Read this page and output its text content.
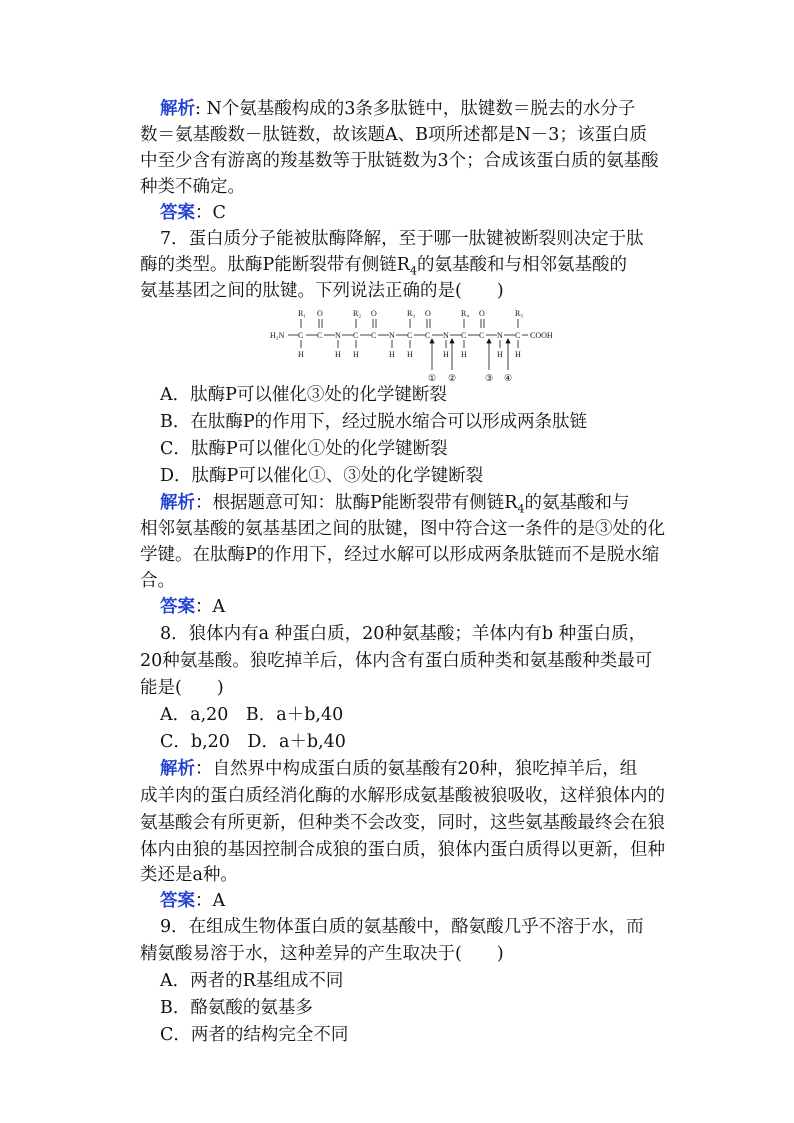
解析: N个氨基酸构成的3条多肽链中，肽键数＝脱去的水分子
数＝氨基酸数－肽链数，故该题A、B项所述都是N－3；该蛋白质
中至少含有游离的羧基数等于肽链数为3个；合成该蛋白质的氨基酸
种类不确定。
答案：C
7．蛋白质分子能被肽酶降解，至于哪一肽键被断裂则决定于肽
酶的类型。肽酶P能断裂带有侧链$R_4$的氨基酸和与相邻氨基酸的
氨基基团之间的肽键。下列说法正确的是(　　)
H₂N	COOH
C C N C C N C C N C C N C
R₁	R₂	R₃	R₄	R₅
O	O	O	O
H	H H	H H	H H	H H
① ②	③ ④
A．肽酶P可以催化③处的化学键断裂
B．在肽酶P的作用下，经过脱水缩合可以形成两条肽链
C．肽酶P可以催化①处的化学键断裂
D．肽酶P可以催化①、③处的化学键断裂
解析：根据题意可知：肽酶P能断裂带有侧链$R_4$的氨基酸和与
相邻氨基酸的氨基基团之间的肽键，图中符合这一条件的是③处的化
学键。在肽酶P的作用下，经过水解可以形成两条肽链而不是脱水缩
合。
答案：A
8．狼体内有a 种蛋白质，20种氨基酸；羊体内有b 种蛋白质，
20种氨基酸。狼吃掉羊后，体内含有蛋白质种类和氨基酸种类最可
能是(　　)
A．a,20　B．a＋b,40
C．b,20　D．a＋b,40
解析：自然界中构成蛋白质的氨基酸有20种，狼吃掉羊后，组
成羊肉的蛋白质经消化酶的水解形成氨基酸被狼吸收，这样狼体内的
氨基酸会有所更新，但种类不会改变，同时，这些氨基酸最终会在狼
体内由狼的基因控制合成狼的蛋白质，狼体内蛋白质得以更新，但种
类还是a种。
答案：A
9．在组成生物体蛋白质的氨基酸中，酪氨酸几乎不溶于水，而
精氨酸易溶于水，这种差异的产生取决于(　　)
A．两者的R基组成不同
B．酪氨酸的氨基多
C．两者的结构完全不同
